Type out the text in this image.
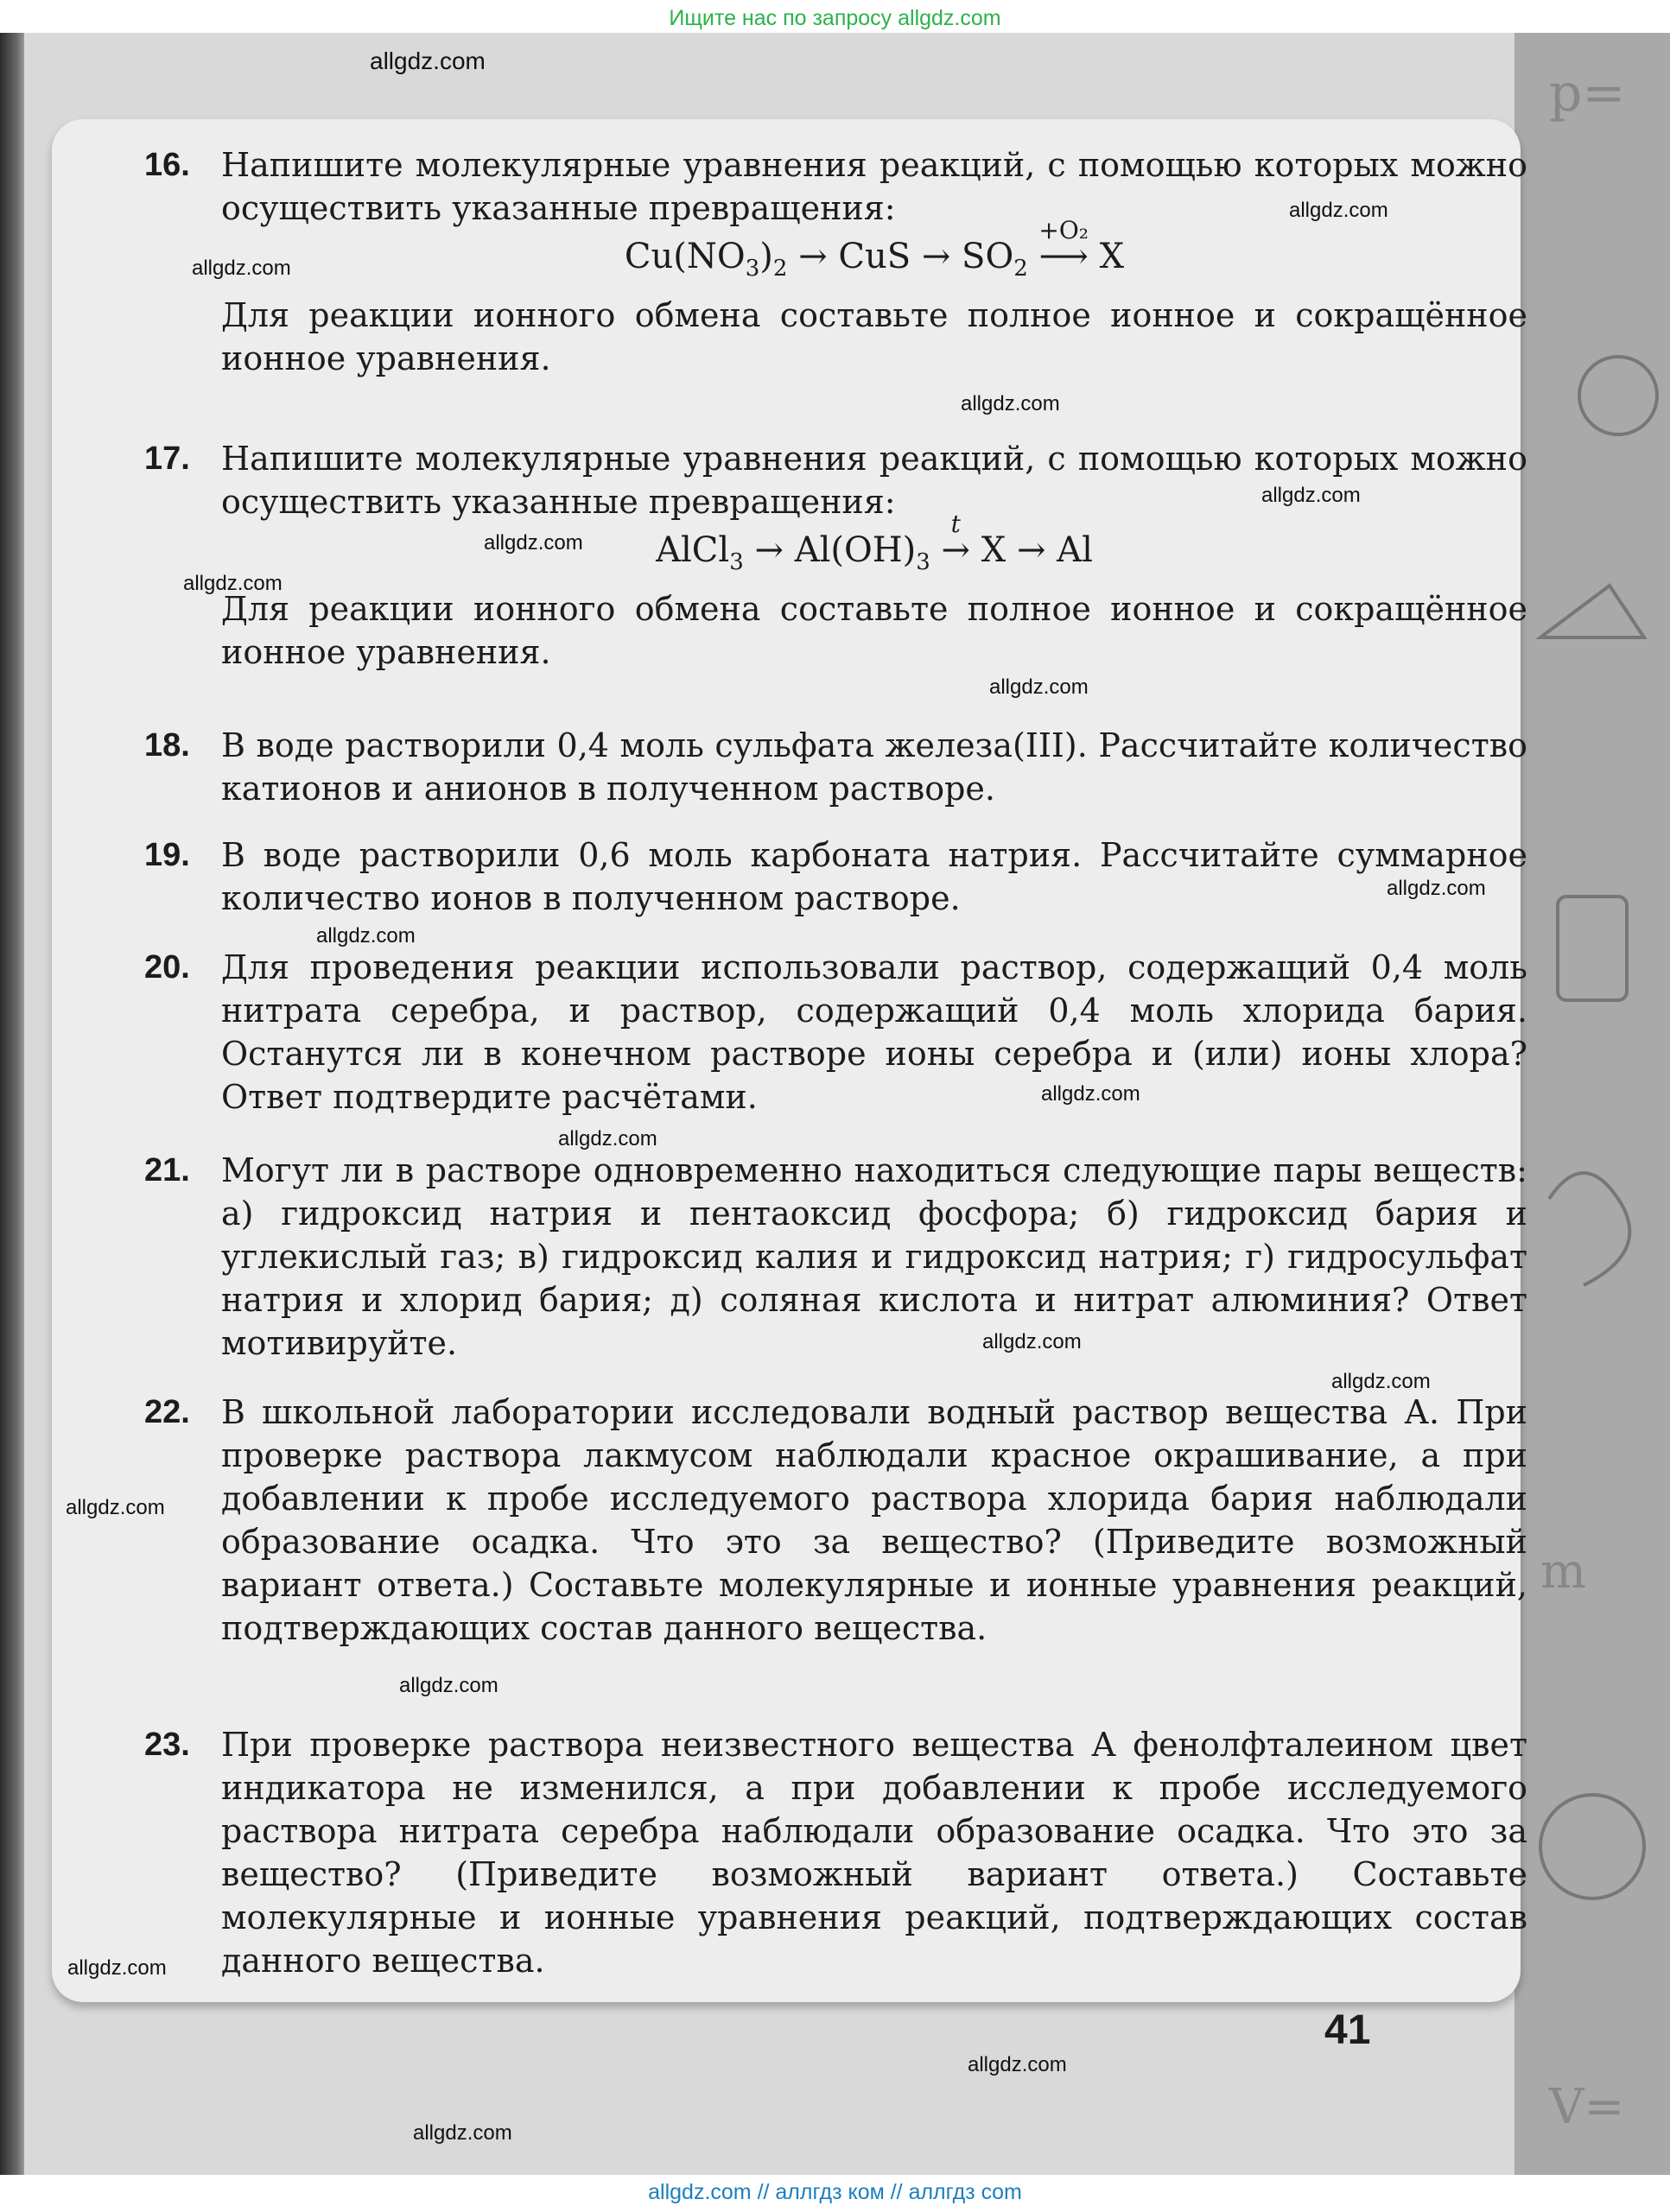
Ищите нас по запросу allgdz.com
p=
m
V=
16. Напишите молекулярные уравнения реакций, с помощью которых можно осуществить указанные превращения:
$Cu(NO_3)_2$ → CuS → $SO_2$
+O₂
⟶ X
Для реакции ионного обмена составьте полное ионное и сокращённое ионное уравнения.
17. Напишите молекулярные уравнения реакций, с помощью которых можно осуществить указанные превращения:
AlCl$_3$ → $Al(OH)_3$
t
→ X → Al
Для реакции ионного обмена составьте полное ионное и сокращённое ионное уравнения.
18. В воде растворили 0,4 моль сульфата железа(III). Рассчитайте количество катионов и анионов в полученном растворе.
19. В воде растворили 0,6 моль карбоната натрия. Рассчитайте суммарное количество ионов в полученном растворе.
20. Для проведения реакции использовали раствор, содержащий 0,4 моль нитрата серебра, и раствор, содержащий 0,4 моль хлорида бария. Останутся ли в конечном растворе ионы серебра и (или) ионы хлора? Ответ подтвердите расчётами.
21. Могут ли в растворе одновременно находиться следующие пары веществ: а) гидроксид натрия и пентаоксид фосфора; б) гидроксид бария и углекислый газ; в) гидроксид калия и гидроксид натрия; г) гидросульфат натрия и хлорид бария; д) соляная кислота и нитрат алюминия? Ответ мотивируйте.
22. В школьной лаборатории исследовали водный раствор вещества А. При проверке раствора лакмусом наблюдали красное окрашивание, а при добавлении к пробе исследуемого раствора хлорида бария наблюдали образование осадка. Что это за вещество? (Приведите возможный вариант ответа.) Составьте молекулярные и ионные уравнения реакций, подтверждающих состав данного вещества.
23. При проверке раствора неизвестного вещества А фенолфталеином цвет индикатора не изменился, а при добавлении к пробе исследуемого раствора нитрата серебра наблюдали образование осадка. Что это за вещество? (Приведите возможный вариант ответа.) Составьте молекулярные и ионные уравнения реакций, подтверждающих состав данного вещества.
41
allgdz.com
allgdz.com
allgdz.com
allgdz.com
allgdz.com
allgdz.com
allgdz.com
allgdz.com
allgdz.com
allgdz.com
allgdz.com
allgdz.com
allgdz.com
allgdz.com
allgdz.com
allgdz.com
allgdz.com
allgdz.com
allgdz.com
allgdz.com // аллгдз ком // аллгдз com
